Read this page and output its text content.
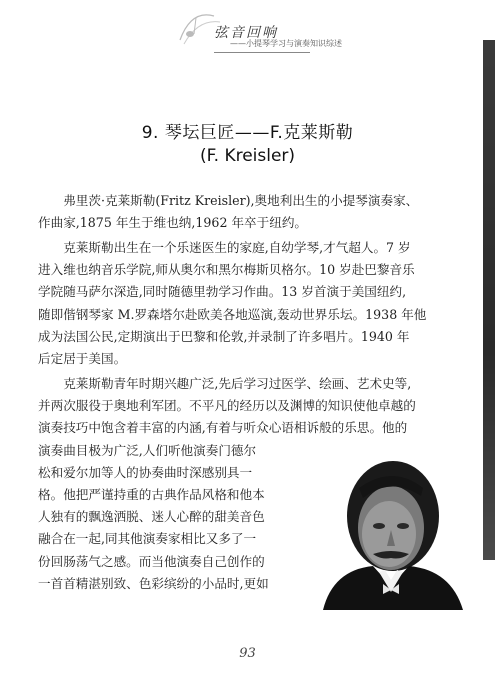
弦音回响
——小提琴学习与演奏知识综述
9. 琴坛巨匠——F.克莱斯勒
(F. Kreisler)
弗里茨·克莱斯勒(Fritz Kreisler),奥地利出生的小提琴演奏家、
作曲家,1875 年生于维也纳,1962 年卒于纽约。
克莱斯勒出生在一个乐迷医生的家庭,自幼学琴,才气超人。7 岁
进入维也纳音乐学院,师从奥尔和黑尔梅斯贝格尔。10 岁赴巴黎音乐
学院随马萨尔深造,同时随德里勃学习作曲。13 岁首演于美国纽约,
随即偕钢琴家 M.罗森塔尔赴欧美各地巡演,轰动世界乐坛。1938 年他
成为法国公民,定期演出于巴黎和伦敦,并录制了许多唱片。1940 年
后定居于美国。
克莱斯勒青年时期兴趣广泛,先后学习过医学、绘画、艺术史等,
并两次服役于奥地利军团。不平凡的经历以及渊博的知识使他卓越的
演奏技巧中饱含着丰富的内涵,有着与听众心语相诉般的乐思。他的
演奏曲目极为广泛,人们听他演奏门德尔
松和爱尔加等人的协奏曲时深感别具一
格。他把严谨持重的古典作品风格和他本
人独有的飘逸洒脱、迷人心醉的甜美音色
融合在一起,同其他演奏家相比又多了一
份回肠荡气之感。而当他演奏自己创作的
一首首精湛别致、色彩缤纷的小品时,更如
93
